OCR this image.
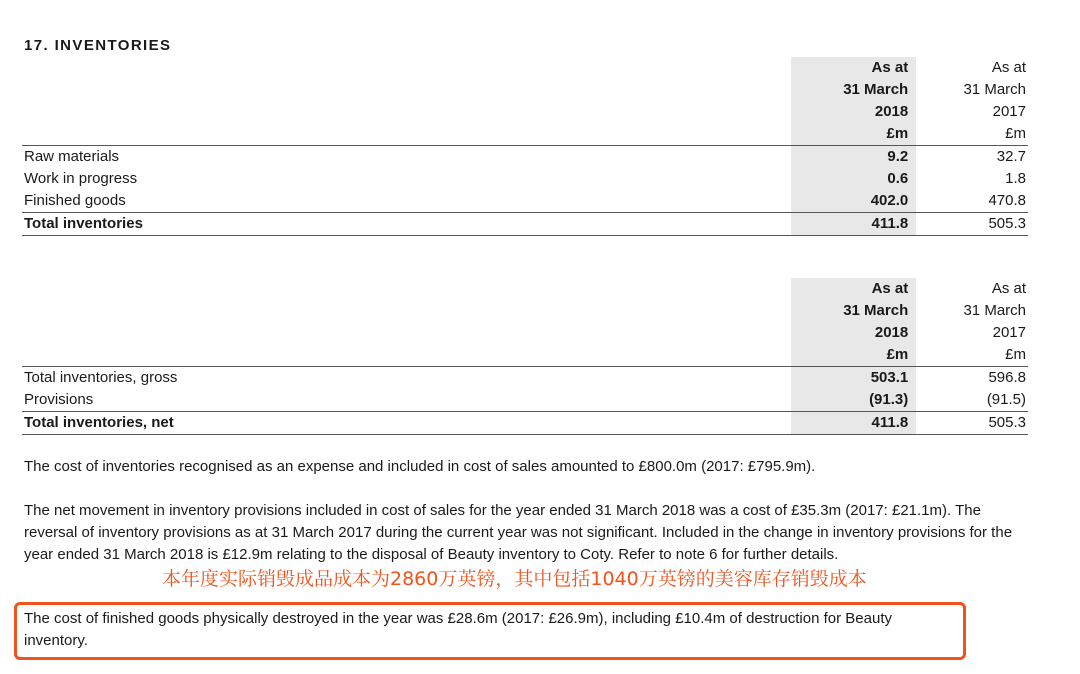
17. INVENTORIES
	As at	As at
	31 March	31 March
	2018	2017
	£m	£m
Raw materials	9.2	32.7
Work in progress	0.6	1.8
Finished goods	402.0	470.8
Total inventories	411.8	505.3
	As at	As at
	31 March	31 March
	2018	2017
	£m	£m
Total inventories, gross	503.1	596.8
Provisions	(91.3)	(91.5)
Total inventories, net	411.8	505.3
The cost of inventories recognised as an expense and included in cost of sales amounted to £800.0m (2017: £795.9m).
The net movement in inventory provisions included in cost of sales for the year ended 31 March 2018 was a cost of £35.3m (2017: £21.1m). The reversal of inventory provisions as at 31 March 2017 during the current year was not significant. Included in the change in inventory provisions for the year ended 31 March 2018 is £12.9m relating to the disposal of Beauty inventory to Coty. Refer to note 6 for further details.
本年度实际销毁成品成本为2860万英镑，其中包括1040万英镑的美容库存销毁成本
The cost of finished goods physically destroyed in the year was £28.6m (2017: £26.9m), including £10.4m of destruction for Beauty inventory.
